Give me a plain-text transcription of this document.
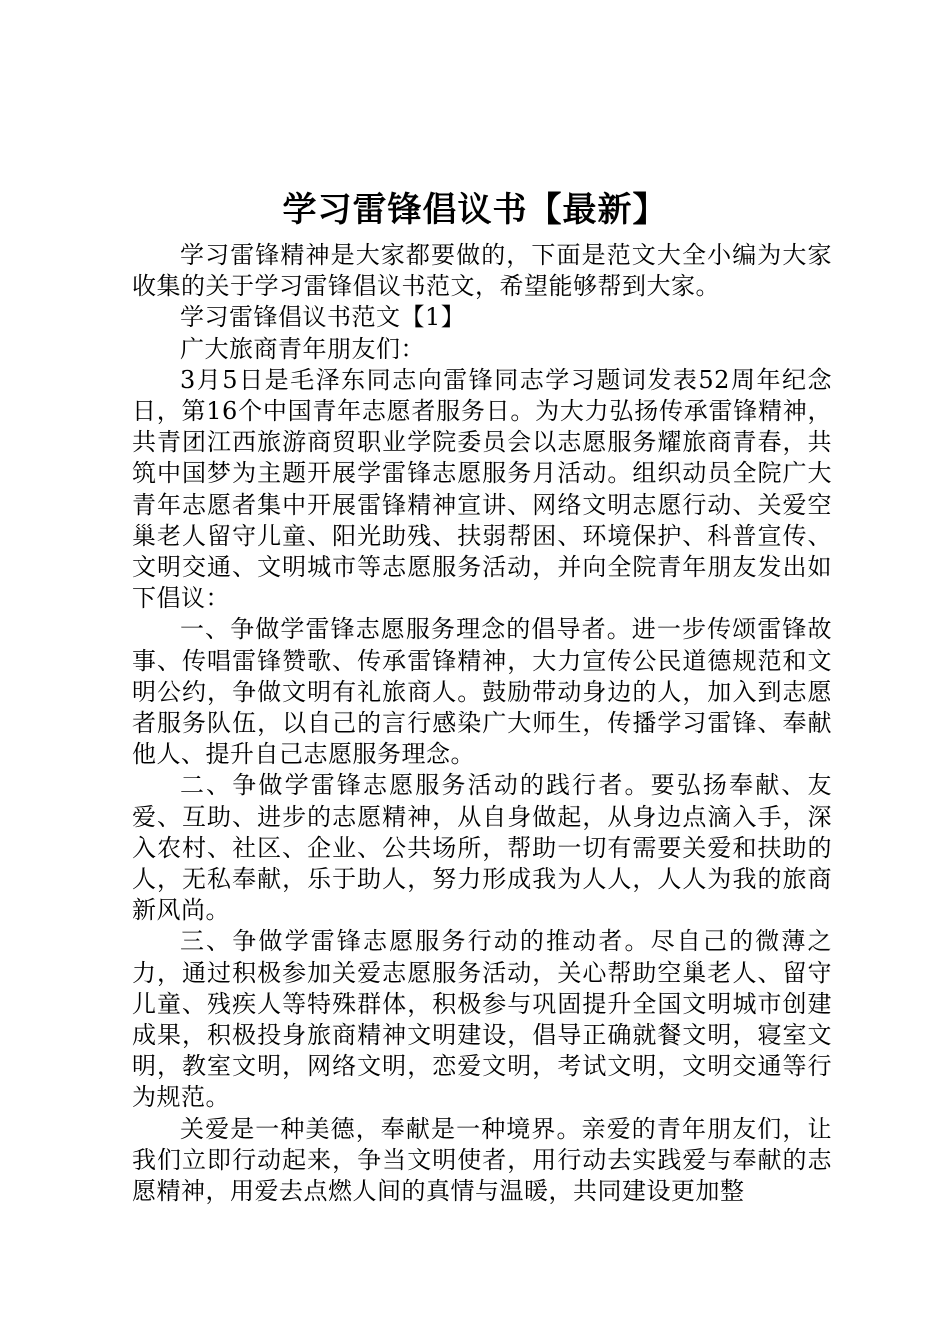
学习雷锋倡议书【最新】

学习雷锋精神是大家都要做的，下面是范文大全小编为大家收集的关于学习雷锋倡议书范文，希望能够帮到大家。

学习雷锋倡议书范文【1】

广大旅商青年朋友们：

3月5日是毛泽东同志向雷锋同志学习题词发表52周年纪念日，第16个中国青年志愿者服务日。为大力弘扬传承雷锋精神，共青团江西旅游商贸职业学院委员会以志愿服务耀旅商青春，共筑中国梦为主题开展学雷锋志愿服务月活动。组织动员全院广大青年志愿者集中开展雷锋精神宣讲、网络文明志愿行动、关爱空巢老人留守儿童、阳光助残、扶弱帮困、环境保护、科普宣传、文明交通、文明城市等志愿服务活动，并向全院青年朋友发出如下倡议：

一、争做学雷锋志愿服务理念的倡导者。进一步传颂雷锋故事、传唱雷锋赞歌、传承雷锋精神，大力宣传公民道德规范和文明公约，争做文明有礼旅商人。鼓励带动身边的人，加入到志愿者服务队伍，以自己的言行感染广大师生，传播学习雷锋、奉献他人、提升自己志愿服务理念。

二、争做学雷锋志愿服务活动的践行者。要弘扬奉献、友爱、互助、进步的志愿精神，从自身做起，从身边点滴入手，深入农村、社区、企业、公共场所，帮助一切有需要关爱和扶助的人，无私奉献，乐于助人，努力形成我为人人，人人为我的旅商新风尚。

三、争做学雷锋志愿服务行动的推动者。尽自己的微薄之力，通过积极参加关爱志愿服务活动，关心帮助空巢老人、留守儿童、残疾人等特殊群体，积极参与巩固提升全国文明城市创建成果，积极投身旅商精神文明建设，倡导正确就餐文明，寝室文明，教室文明，网络文明，恋爱文明，考试文明，文明交通等行为规范。

关爱是一种美德，奉献是一种境界。亲爱的青年朋友们，让我们立即行动起来，争当文明使者，用行动去实践爱与奉献的志愿精神，用爱去点燃人间的真情与温暖，共同建设更加整
